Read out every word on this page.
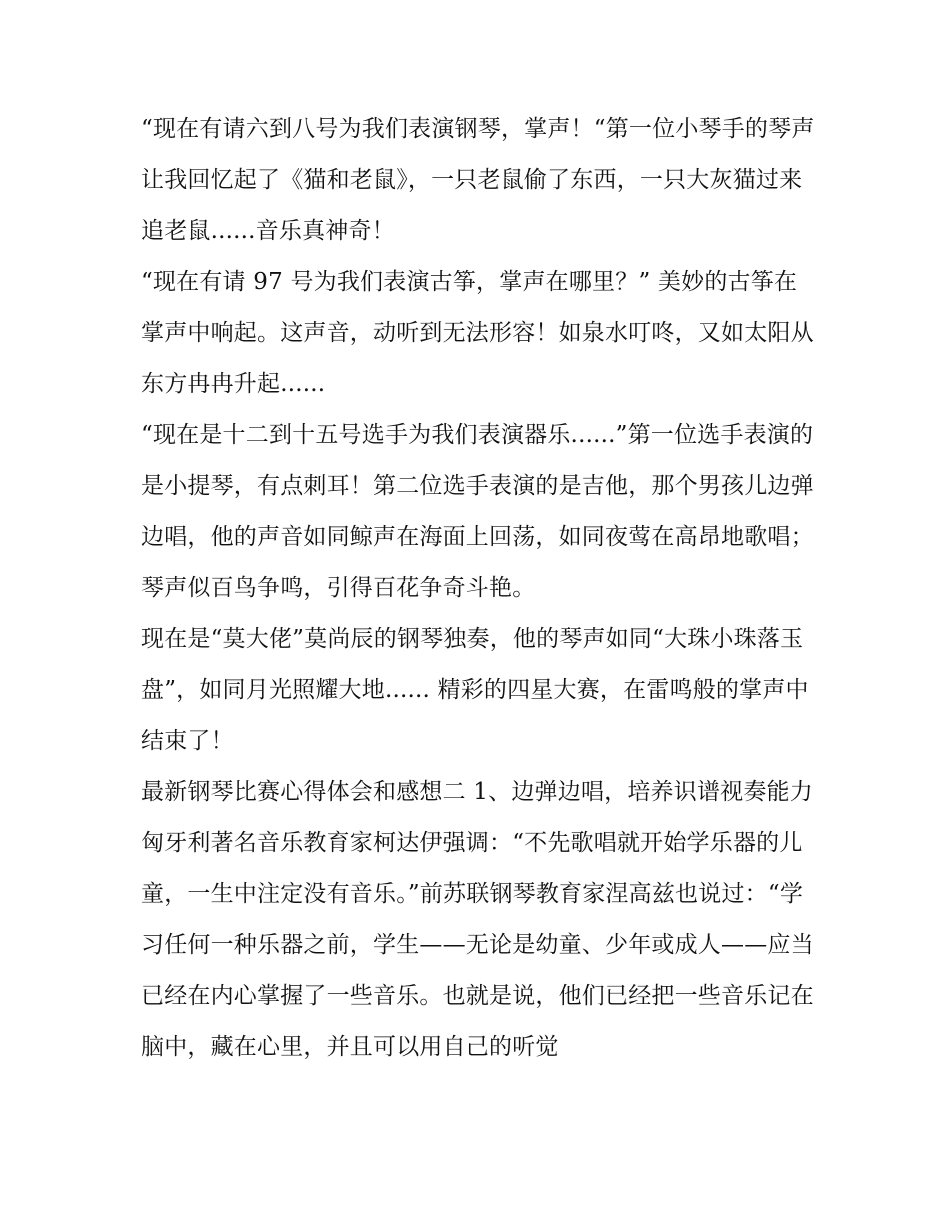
“现在有请六到八号为我们表演钢琴，掌声！“第一位小琴手的琴声让我回忆起了《猫和老鼠》，一只老鼠偷了东西，一只大灰猫过来追老鼠......音乐真神奇！

“现在有请 97 号为我们表演古筝，掌声在哪里？” 美妙的古筝在掌声中响起。这声音，动听到无法形容！如泉水叮咚，又如太阳从东方冉冉升起......

“现在是十二到十五号选手为我们表演器乐......”第一位选手表演的是小提琴，有点刺耳！第二位选手表演的是吉他，那个男孩儿边弹边唱，他的声音如同鲸声在海面上回荡，如同夜莺在高昂地歌唱；琴声似百鸟争鸣，引得百花争奇斗艳。

现在是“莫大佬”莫尚辰的钢琴独奏，他的琴声如同“大珠小珠落玉盘”，如同月光照耀大地...... 精彩的四星大赛，在雷鸣般的掌声中结束了！

最新钢琴比赛心得体会和感想二 1、边弹边唱，培养识谱视奏能力

匈牙利著名音乐教育家柯达伊强调：“不先歌唱就开始学乐器的儿童，一生中注定没有音乐。”前苏联钢琴教育家涅高兹也说过：“学习任何一种乐器之前，学生——无论是幼童、少年或成人——应当已经在内心掌握了一些音乐。也就是说，他们已经把一些音乐记在脑中，藏在心里，并且可以用自己的听觉
